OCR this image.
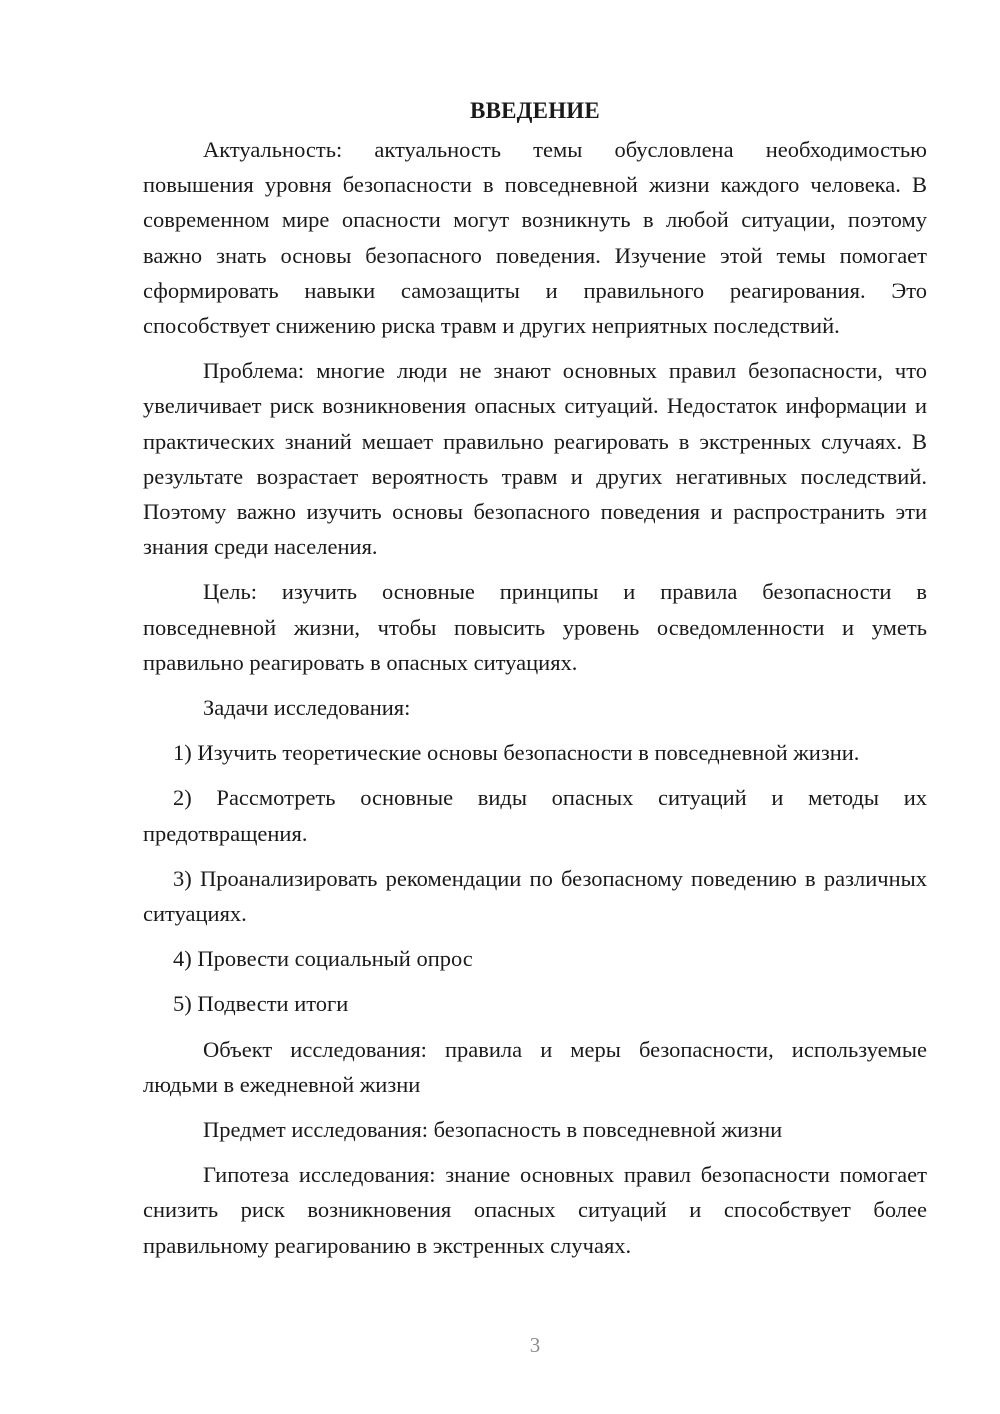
ВВЕДЕНИЕ

Актуальность: актуальность темы обусловлена необходимостью повышения уровня безопасности в повседневной жизни каждого человека. В современном мире опасности могут возникнуть в любой ситуации, поэтому важно знать основы безопасного поведения. Изучение этой темы помогает сформировать навыки самозащиты и правильного реагирования. Это способствует снижению риска травм и других неприятных последствий.

Проблема: многие люди не знают основных правил безопасности, что увеличивает риск возникновения опасных ситуаций. Недостаток информации и практических знаний мешает правильно реагировать в экстренных случаях. В результате возрастает вероятность травм и других негативных последствий. Поэтому важно изучить основы безопасного поведения и распространить эти знания среди населения.

Цель: изучить основные принципы и правила безопасности в повседневной жизни, чтобы повысить уровень осведомленности и уметь правильно реагировать в опасных ситуациях.

Задачи исследования:

1) Изучить теоретические основы безопасности в повседневной жизни.

2) Рассмотреть основные виды опасных ситуаций и методы их предотвращения.

3) Проанализировать рекомендации по безопасному поведению в различных ситуациях.

4) Провести социальный опрос

5) Подвести итоги

Объект исследования: правила и меры безопасности, используемые людьми в ежедневной жизни

Предмет исследования: безопасность в повседневной жизни

Гипотеза исследования: знание основных правил безопасности помогает снизить риск возникновения опасных ситуаций и способствует более правильному реагированию в экстренных случаях.

3
